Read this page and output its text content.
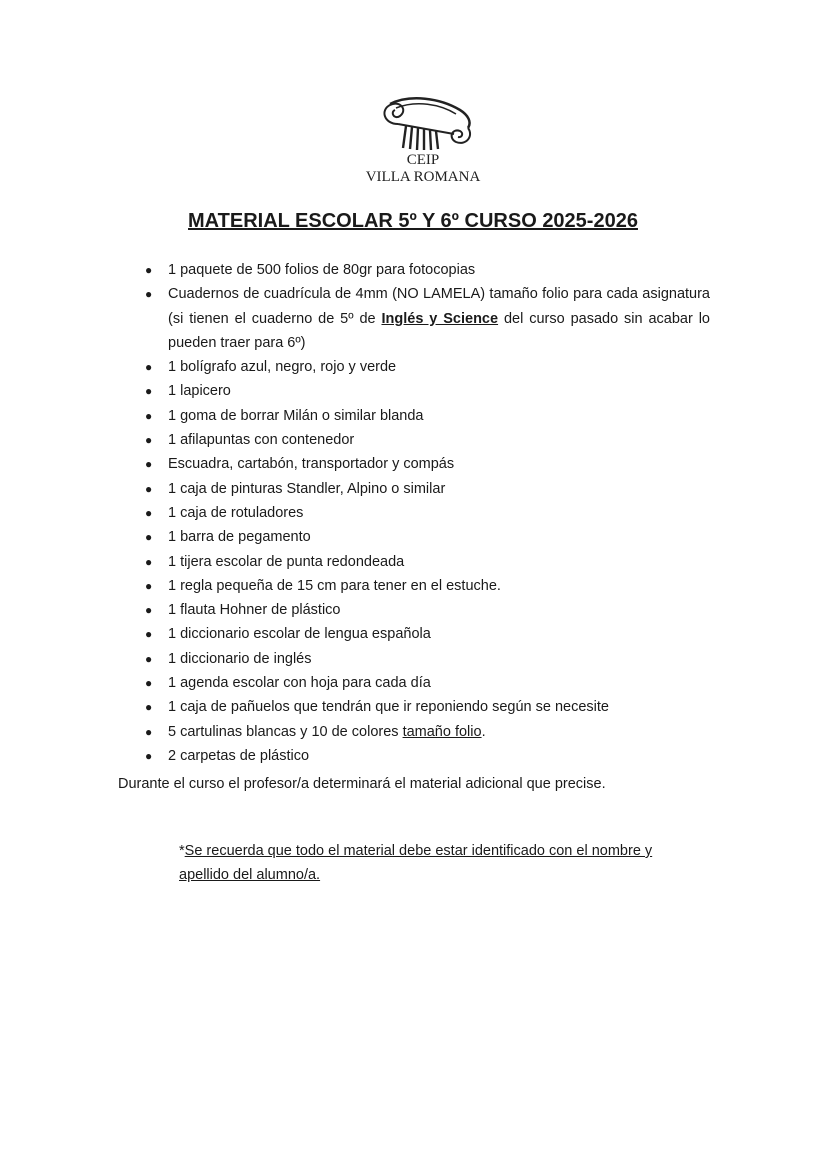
CEIP
VILLA ROMANA
MATERIAL ESCOLAR 5º Y 6º CURSO 2025-2026
● 1 paquete de 500 folios de 80gr para fotocopias
● Cuadernos de cuadrícula de 4mm (NO LAMELA) tamaño folio para cada asignatura (si tienen el cuaderno de 5º de Inglés y Science del curso pasado sin acabar lo pueden traer para 6º)
● 1 bolígrafo azul, negro, rojo y verde
● 1 lapicero
● 1 goma de borrar Milán o similar blanda
● 1 afilapuntas con contenedor
● Escuadra, cartabón, transportador y compás
● 1 caja de pinturas Standler, Alpino o similar
● 1 caja de rotuladores
● 1 barra de pegamento
● 1 tijera escolar de punta redondeada
● 1 regla pequeña de 15 cm para tener en el estuche.
● 1 flauta Hohner de plástico
● 1 diccionario escolar de lengua española
● 1 diccionario de inglés
● 1 agenda escolar con hoja para cada día
● 1 caja de pañuelos que tendrán que ir reponiendo según se necesite
● 5 cartulinas blancas y 10 de colores tamaño folio.
● 2 carpetas de plástico
Durante el curso el profesor/a determinará el material adicional que precise.
*Se recuerda que todo el material debe estar identificado con el nombre y apellido del alumno/a.
